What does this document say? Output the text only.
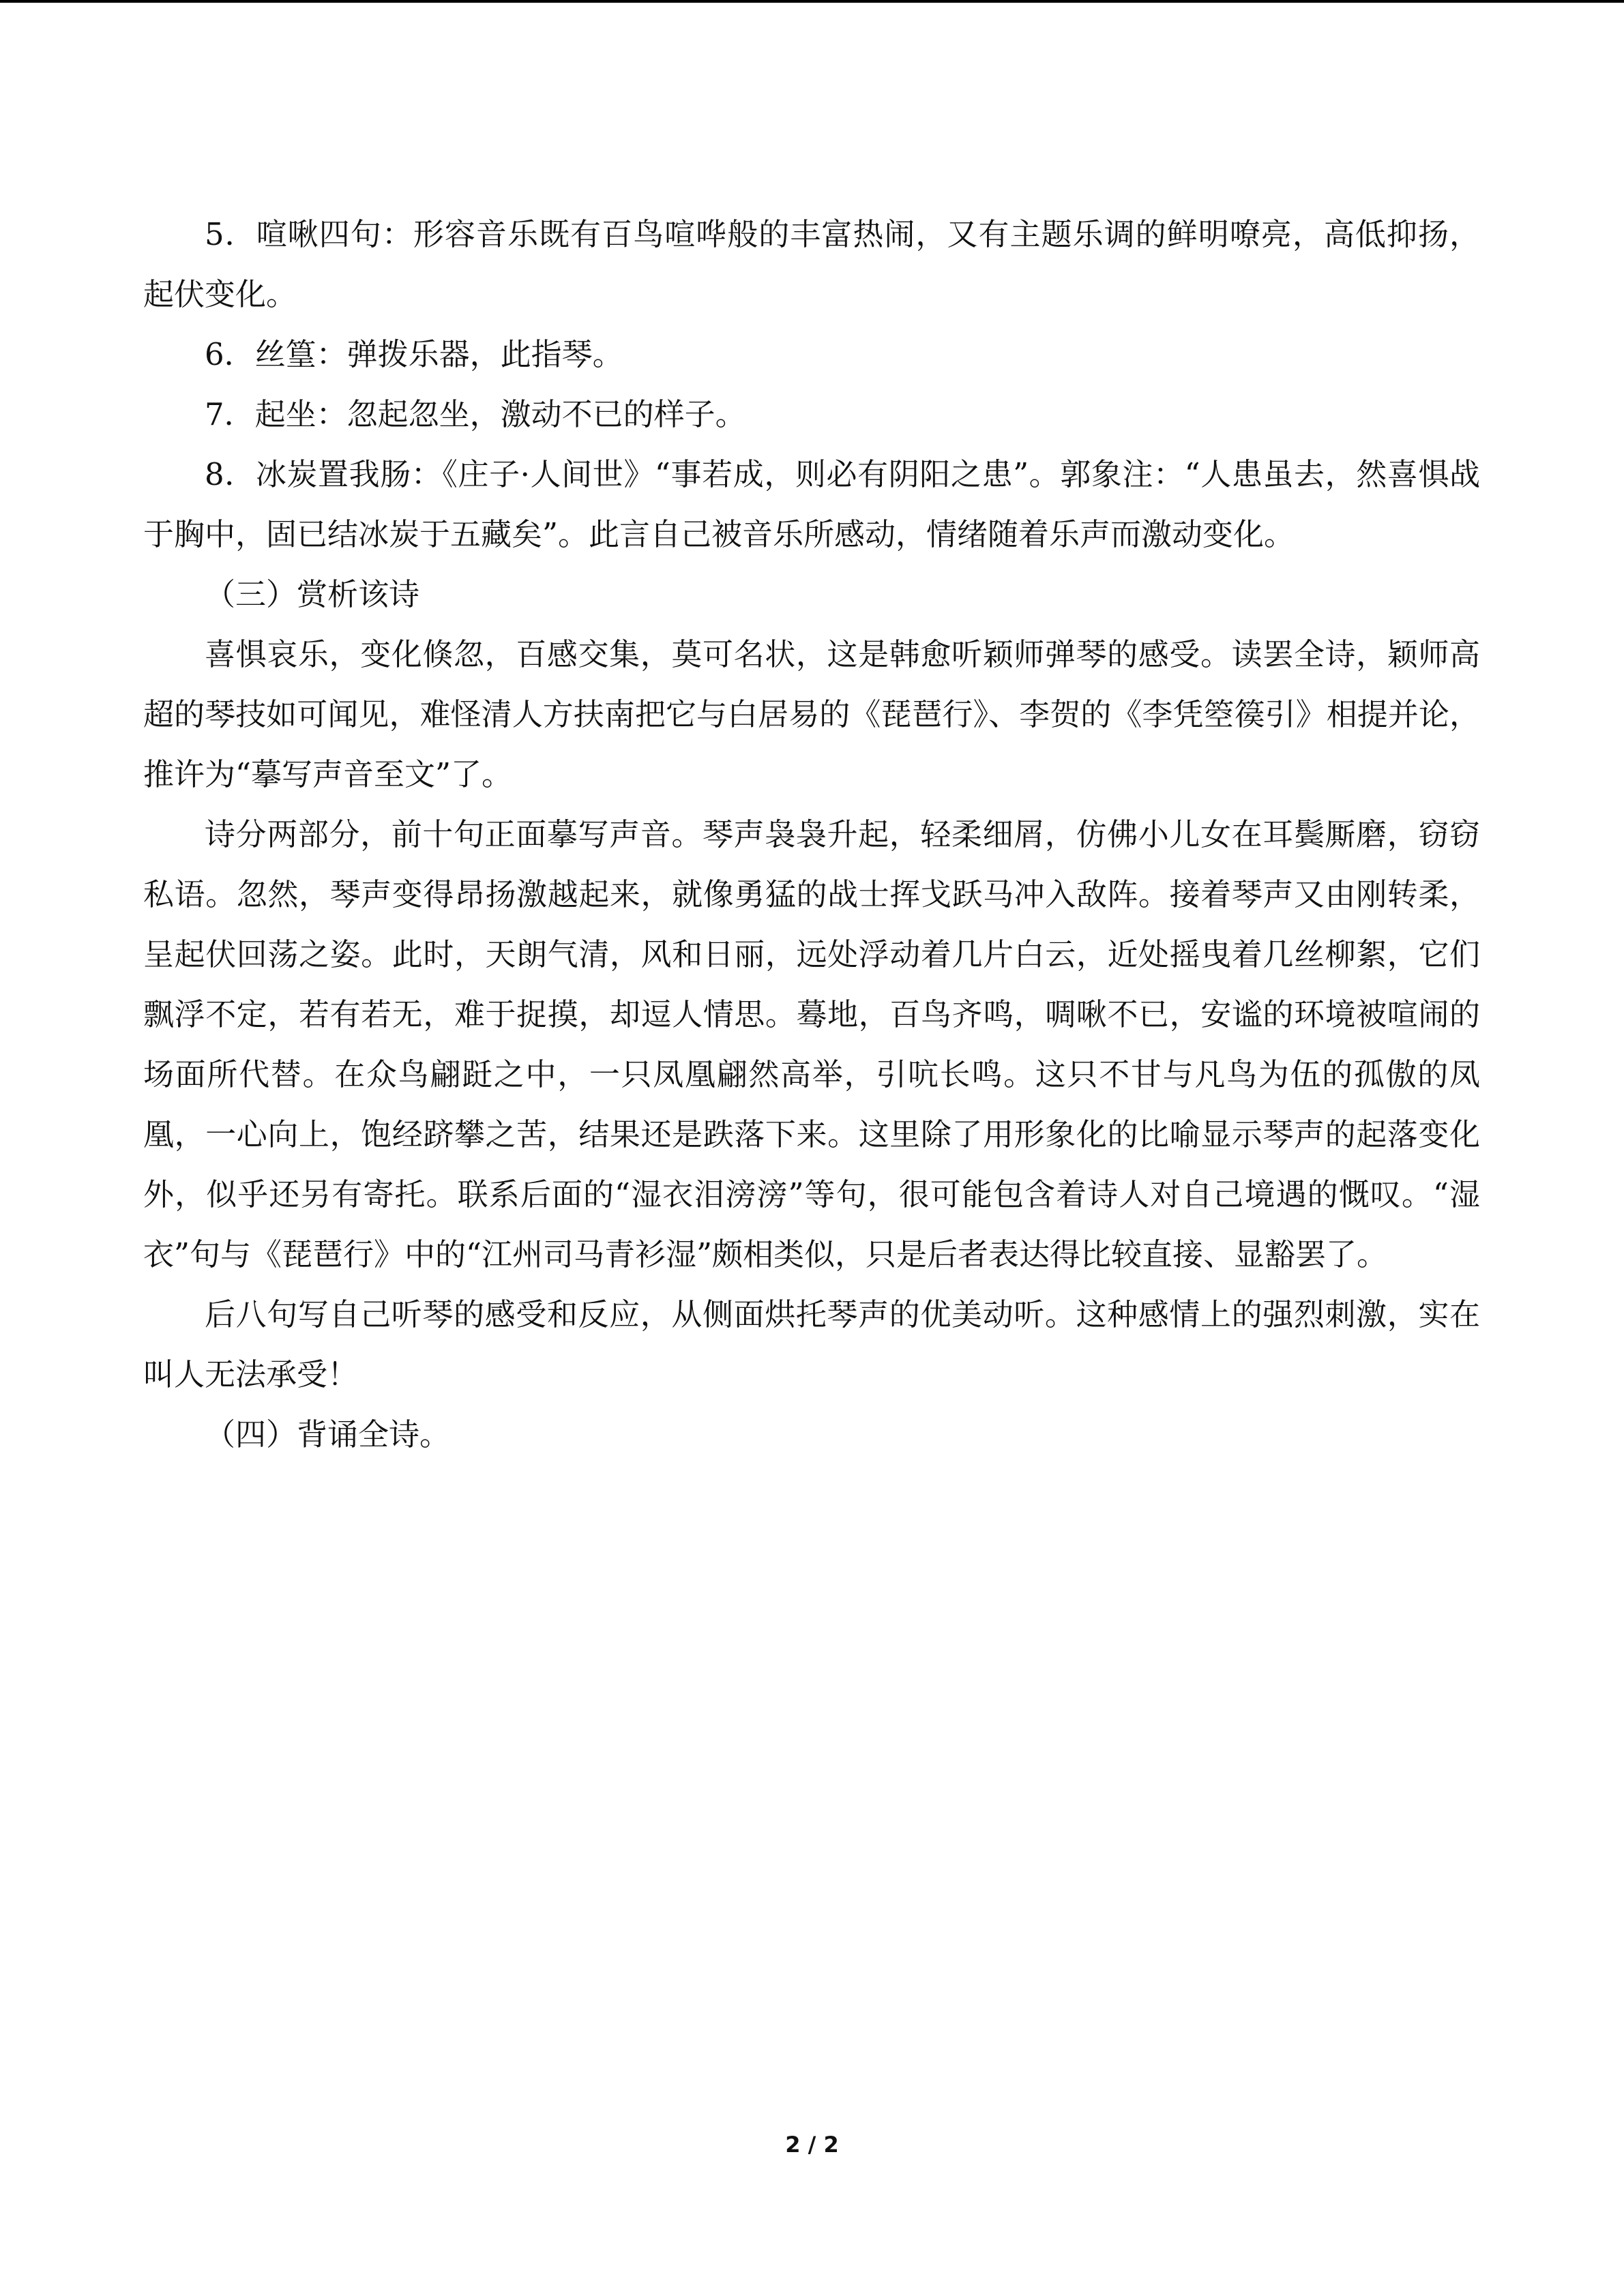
5．喧啾四句：形容音乐既有百鸟喧哗般的丰富热闹，又有主题乐调的鲜明嘹亮，高低抑扬，起伏变化。

6．丝篁：弹拨乐器，此指琴。

7．起坐：忽起忽坐，激动不已的样子。

8．冰炭置我肠：《庄子·人间世》“事若成，则必有阴阳之患”。郭象注：“人患虽去，然喜惧战于胸中，固已结冰炭于五藏矣”。此言自己被音乐所感动，情绪随着乐声而激动变化。

（三）赏析该诗

喜惧哀乐，变化倏忽，百感交集，莫可名状，这是韩愈听颖师弹琴的感受。读罢全诗，颖师高超的琴技如可闻见，难怪清人方扶南把它与白居易的《琵琶行》、李贺的《李凭箜篌引》相提并论，推许为“摹写声音至文”了。

诗分两部分，前十句正面摹写声音。琴声袅袅升起，轻柔细屑，仿佛小儿女在耳鬓厮磨，窃窃私语。忽然，琴声变得昂扬激越起来，就像勇猛的战士挥戈跃马冲入敌阵。接着琴声又由刚转柔，呈起伏回荡之姿。此时，天朗气清，风和日丽，远处浮动着几片白云，近处摇曳着几丝柳絮，它们飘浮不定，若有若无，难于捉摸，却逗人情思。蓦地，百鸟齐鸣，啁啾不已，安谧的环境被喧闹的场面所代替。在众鸟翩跹之中，一只凤凰翩然高举，引吭长鸣。这只不甘与凡鸟为伍的孤傲的凤凰，一心向上，饱经跻攀之苦，结果还是跌落下来。这里除了用形象化的比喻显示琴声的起落变化外，似乎还另有寄托。联系后面的“湿衣泪滂滂”等句，很可能包含着诗人对自己境遇的慨叹。“湿衣”句与《琵琶行》中的“江州司马青衫湿”颇相类似，只是后者表达得比较直接、显豁罢了。

后八句写自己听琴的感受和反应，从侧面烘托琴声的优美动听。这种感情上的强烈刺激，实在叫人无法承受！

（四）背诵全诗。

2 / 2
